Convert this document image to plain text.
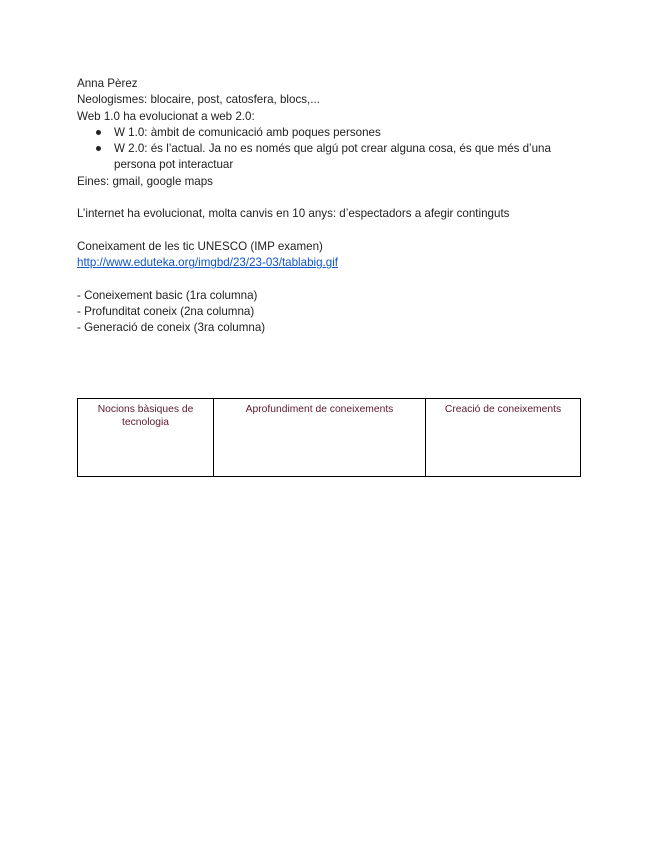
Anna Pèrez

Neologismes: blocaire, post, catosfera, blocs,...

Web 1.0 ha evolucionat a web 2.0:

W 1.0: àmbit de comunicació amb poques persones
W 2.0: és l’actual. Ja no es només que algú pot crear alguna cosa, és que més d’una persona pot interactuar

Eines: gmail, google maps

L’internet ha evolucionat, molta canvis en 10 anys: d’espectadors a afegir continguts

Coneixament de les tic UNESCO (IMP examen)

http://www.eduteka.org/imgbd/23/23-03/tablabig.gif

- Coneixement basic (1ra columna)

- Profunditat coneix (2na columna)

- Generació de coneix (3ra columna)

Nocions bàsiques de tecnologia	Aprofundiment de coneixements	Creació de coneixements
